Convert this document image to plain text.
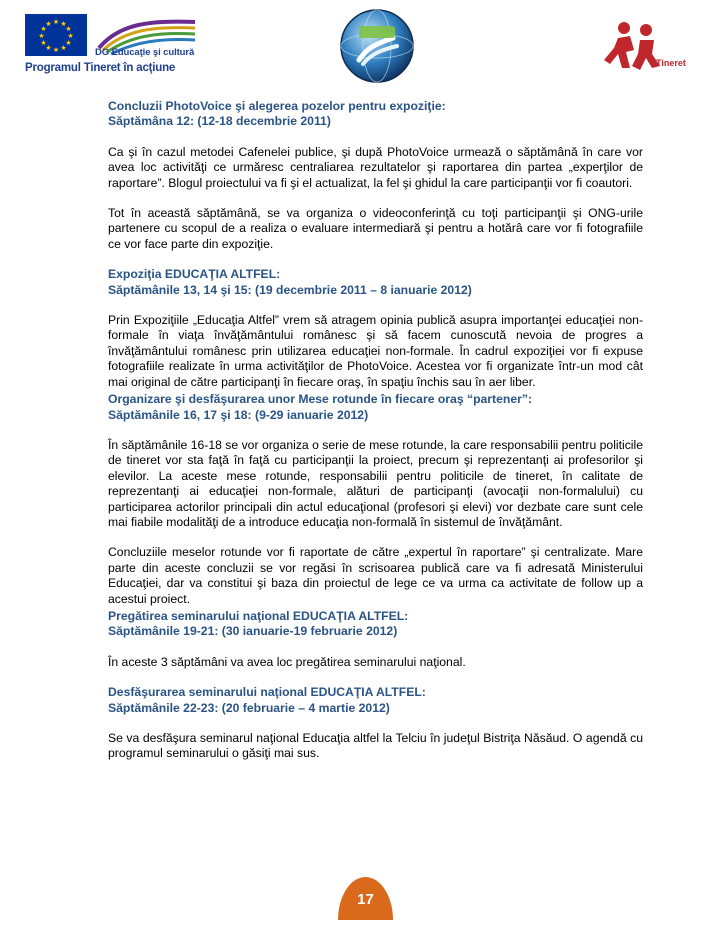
★ ★
★
★
★
★
★
★
★
★
★
★
DG Educaţie şi cultură
Programul Tineret în acţiune	Tineret

Concluzii PhotoVoice şi alegerea pozelor pentru expoziţie:

Săptămâna 12: (12-18 decembrie 2011)

Ca şi în cazul metodei Cafenelei publice, şi după PhotoVoice urmează o săptămână în care vor avea loc activităţi ce urmăresc centraliarea rezultatelor şi raportarea din partea „experţilor de raportare”. Blogul proiectului va fi şi el actualizat, la fel şi ghidul la care participanţii vor fi coautori.

Tot în această săptămână, se va organiza o videoconferinţă cu toţi participanţii şi ONG-urile partenere cu scopul de a realiza o evaluare intermediară şi pentru a hotărâ care vor fi fotografiile ce vor face parte din expoziţie.

Expoziţia EDUCAŢIA ALTFEL:

Săptămânile 13, 14 şi 15: (19 decembrie 2011 – 8 ianuarie 2012)

Prin Expoziţiile „Educaţia Altfel” vrem să atragem opinia publică asupra importanţei educaţiei non-formale în viaţa învăţământului românesc şi să facem cunoscută nevoia de progres a învăţământului românesc prin utilizarea educaţiei non-formale. În cadrul expoziţiei vor fi expuse fotografiile realizate în urma activităţilor de PhotoVoice. Acestea vor fi organizate într-un mod cât mai original de către participanţi în fiecare oraş, în spaţiu închis sau în aer liber.

Organizare şi desfăşurarea unor Mese rotunde în fiecare oraş “partener”:

Săptămânile 16, 17 şi 18: (9-29 ianuarie 2012)

În săptămânile 16-18 se vor organiza o serie de mese rotunde, la care responsabilii pentru politicile de tineret vor sta faţă în faţă cu participanţii la proiect, precum şi reprezentanţi ai profesorilor şi elevilor. La aceste mese rotunde, responsabilii pentru politicile de tineret, în calitate de reprezentanţi ai educaţiei non-formale, alături de participanţi (avocaţii non-formalului) cu participarea actorilor principali din actul educaţional (profesori şi elevi) vor dezbate care sunt cele mai fiabile modalităţi de a introduce educaţia non-formală în sistemul de învăţământ.

Concluziile meselor rotunde vor fi raportate de către „expertul în raportare” şi centralizate. Mare parte din aceste concluzii se vor regăsi în scrisoarea publică care va fi adresată Ministerului Educaţiei, dar va constitui şi baza din proiectul de lege ce va urma ca activitate de follow up a acestui proiect.

Pregătirea seminarului naţional EDUCAŢIA ALTFEL:

Săptămânile 19-21: (30 ianuarie-19 februarie 2012)

În aceste 3 săptămâni va avea loc pregătirea seminarului naţional.

Desfăşurarea seminarului naţional EDUCAŢIA ALTFEL:

Săptămânile 22-23: (20 februarie – 4 martie 2012)

Se va desfăşura seminarul naţional Educaţia altfel la Telciu în judeţul Bistriţa Năsăud. O agendă cu programul seminarului o găsiţi mai sus.

17
